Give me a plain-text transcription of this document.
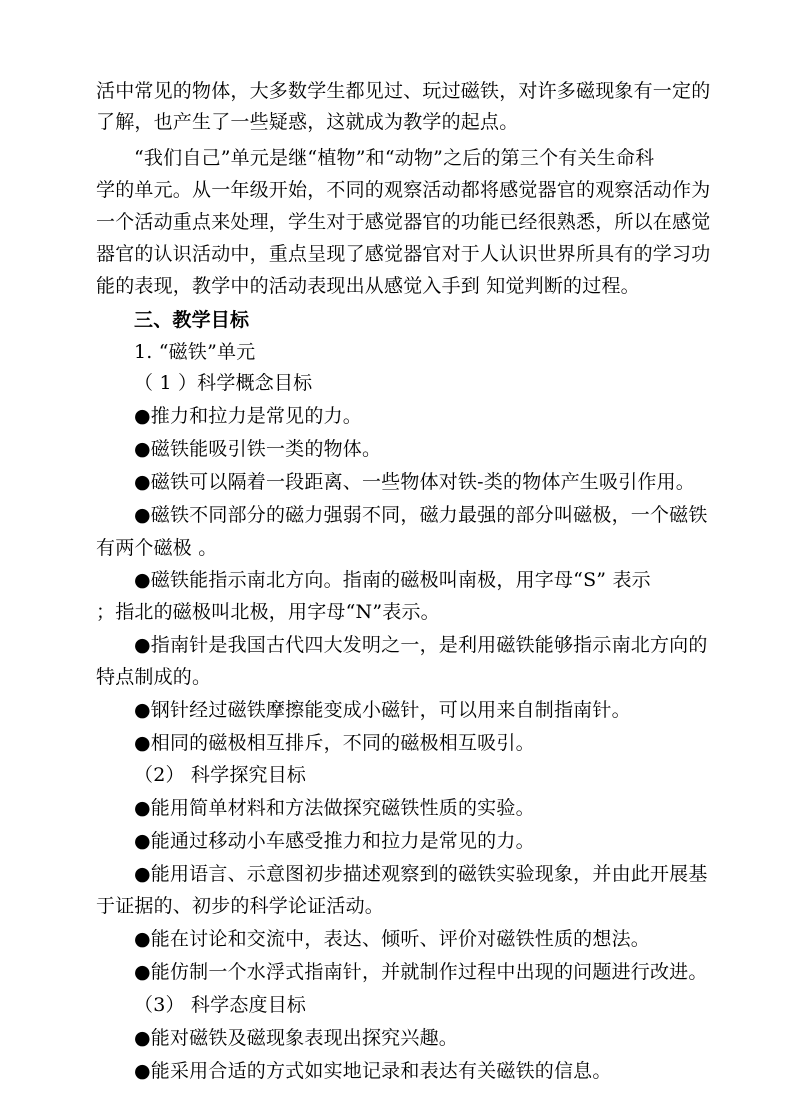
活中常见的物体，大多数学生都见过、玩过磁铁，对许多磁现象有一定的
了解，也产生了一些疑惑，这就成为教学的起点。
“我们自己”单元是继“植物”和“动物”之后的第三个有关生命科
学的单元。从一年级开始，不同的观察活动都将感觉器官的观察活动作为
一个活动重点来处理，学生对于感觉器官的功能已经很熟悉，所以在感觉
器官的认识活动中，重点呈现了感觉器官对于人认识世界所具有的学习功
能的表现，教学中的活动表现出从感觉入手到 知觉判断的过程。
三、教学目标
1. “磁铁”单元
（ 1 ）科学概念目标
●推力和拉力是常见的力。
●磁铁能吸引铁一类的物体。
●磁铁可以隔着一段距离、一些物体对铁-类的物体产生吸引作用。
●磁铁不同部分的磁力强弱不同，磁力最强的部分叫磁极，一个磁铁
有两个磁极 。
●磁铁能指示南北方向。指南的磁极叫南极，用字母“S” 表示
；指北的磁极叫北极，用字母“N”表示。
●指南针是我国古代四大发明之一，是利用磁铁能够指示南北方向的
特点制成的。
●钢针经过磁铁摩擦能变成小磁针，可以用来自制指南针。
●相同的磁极相互排斥，不同的磁极相互吸引。
（2） 科学探究目标
●能用简单材料和方法做探究磁铁性质的实验。
●能通过移动小车感受推力和拉力是常见的力。
●能用语言、示意图初步描述观察到的磁铁实验现象，并由此开展基
于证据的、初步的科学论证活动。
●能在讨论和交流中，表达、倾听、评价对磁铁性质的想法。
●能仿制一个水浮式指南针，并就制作过程中出现的问题进行改进。
（3） 科学态度目标
●能对磁铁及磁现象表现出探究兴趣。
●能采用合适的方式如实地记录和表达有关磁铁的信息。
